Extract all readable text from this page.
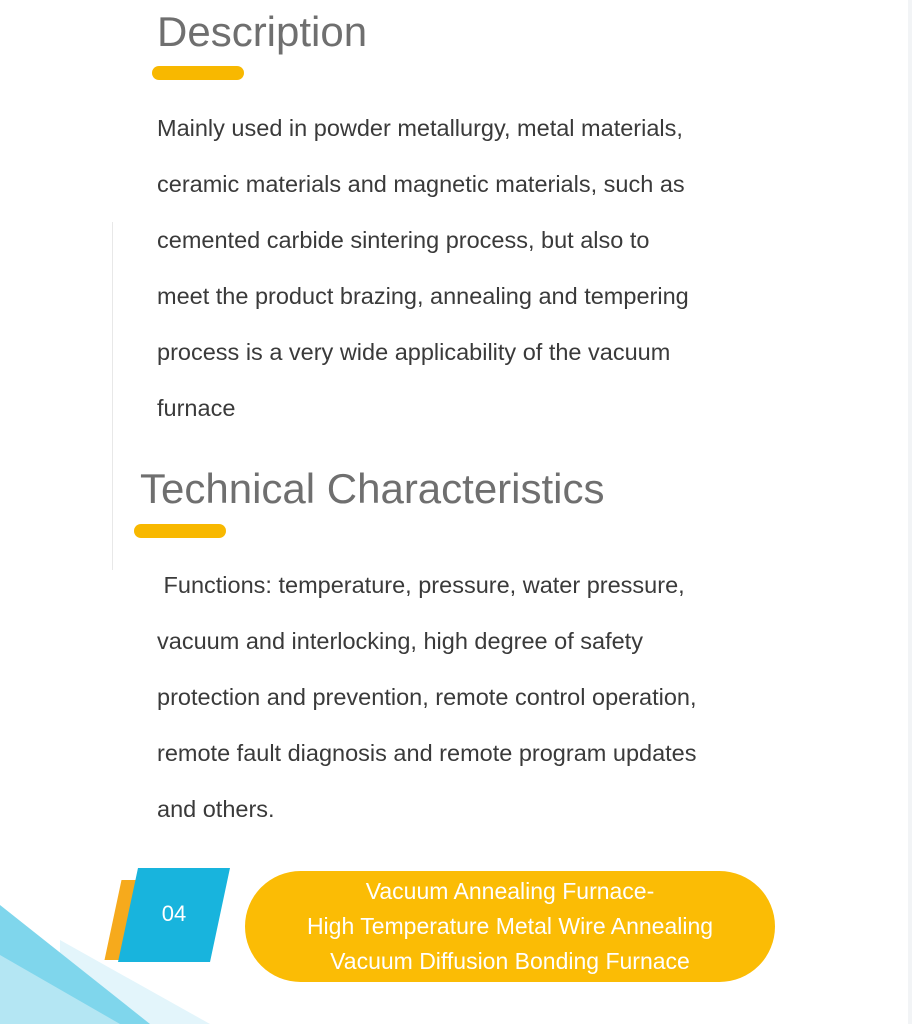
Description

Mainly used in powder metallurgy, metal materials,
ceramic materials and magnetic materials, such as
cemented carbide sintering process, but also to
meet the product brazing, annealing and tempering
process is a very wide applicability of the vacuum
furnace

Technical Characteristics

Functions: temperature, pressure, water pressure,
vacuum and interlocking, high degree of safety
protection and prevention, remote control operation,
remote fault diagnosis and remote program updates
and others.

04
Vacuum Annealing Furnace-
High Temperature Metal Wire Annealing
Vacuum Diffusion Bonding Furnace
